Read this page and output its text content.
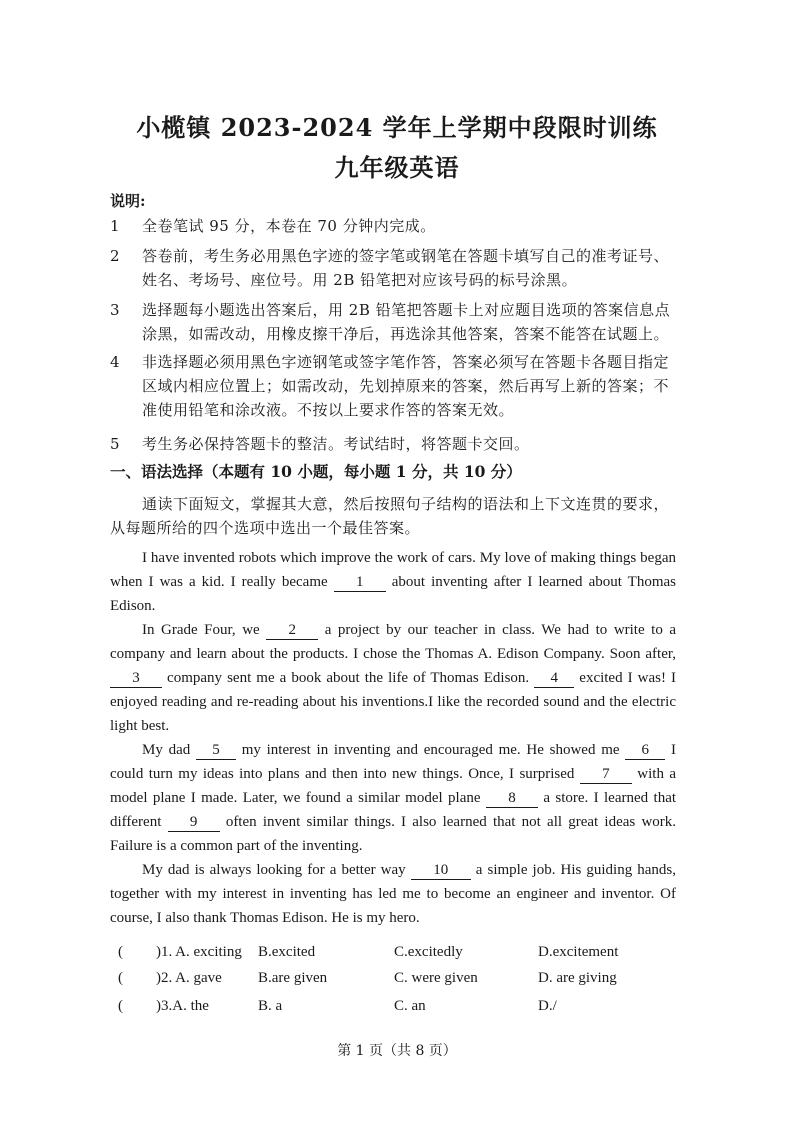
小榄镇 2023-2024 学年上学期中段限时训练
九年级英语
说明:
1 全卷笔试 95 分，本卷在 70 分钟内完成。
2 答卷前，考生务必用黑色字迹的签字笔或钢笔在答题卡填写自己的准考证号、姓名、考场号、座位号。用 2B 铅笔把对应该号码的标号涂黑。
3 选择题每小题选出答案后，用 2B 铅笔把答题卡上对应题目选项的答案信息点涂黑，如需改动，用橡皮擦干净后，再选涂其他答案，答案不能答在试题上。
4 非选择题必须用黑色字迹钢笔或签字笔作答，答案必须写在答题卡各题目指定区域内相应位置上；如需改动，先划掉原来的答案，然后再写上新的答案；不准使用铅笔和涂改液。不按以上要求作答的答案无效。
5 考生务必保持答题卡的整洁。考试结时，将答题卡交回。
一、语法选择（本题有 10 小题，每小题 1 分，共 10 分）
通读下面短文，掌握其大意，然后按照句子结构的语法和上下文连贯的要求，从每题所给的四个选项中选出一个最佳答案。
I have invented robots which improve the work of cars. My love of making things began when I was a kid. I really became 1 about inventing after I learned about Thomas Edison.
In Grade Four, we 2 a project by our teacher in class. We had to write to a company and learn about the products. I chose the Thomas A. Edison Company. Soon after, 3 company sent me a book about the life of Thomas Edison. 4 excited I was! I enjoyed reading and re-reading about his inventions.I like the recorded sound and the electric light best.
My dad 5 my interest in inventing and encouraged me. He showed me 6 I could turn my ideas into plans and then into new things. Once, I surprised 7 with a model plane I made. Later, we found a similar model plane 8 a store. I learned that different 9 often invent similar things. I also learned that not all great ideas work. Failure is a common part of the inventing.
My dad is always looking for a better way 10 a simple job. His guiding hands, together with my interest in inventing has led me to become an engineer and inventor. Of course, I also thank Thomas Edison. He is my hero.
( )1. A. exciting B.excited	C.excitedly	D.excitement
( )2. A. gave B.are given	C. were given	D. are giving
( )3.A. the	B. a	C. an	D./
第 1 页（共 8 页）
